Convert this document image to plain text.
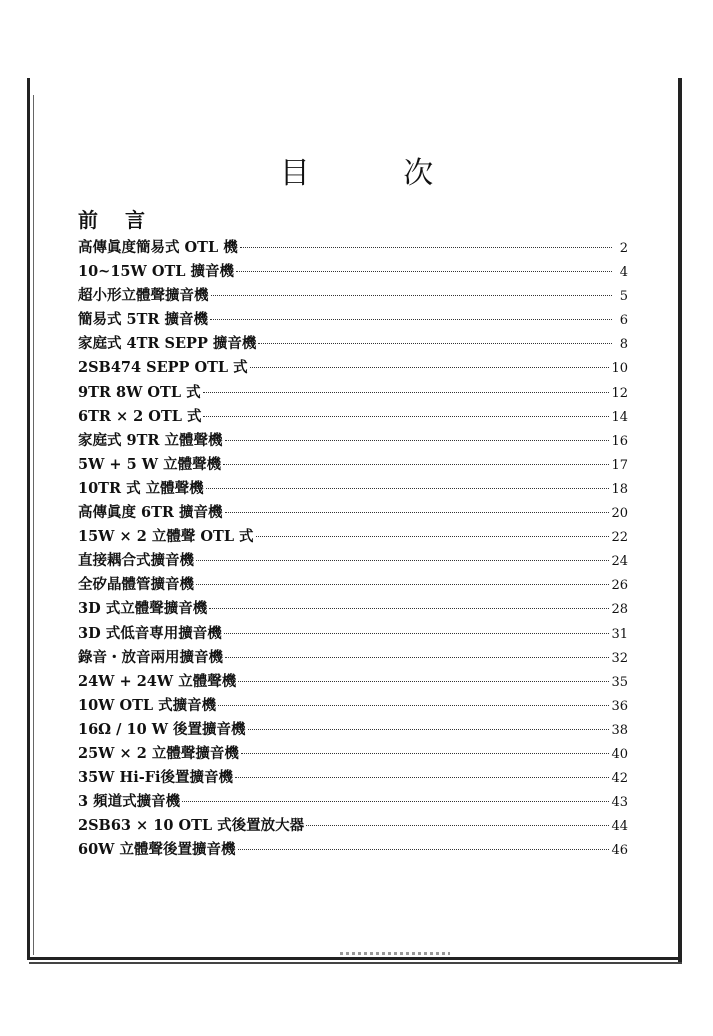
目 次
前 言
高傳眞度簡易式 OTL 機	2
10~15W OTL 擴音機	4
超小形立體聲擴音機	5
簡易式 5TR 擴音機	6
家庭式 4TR SEPP 擴音機	8
2SB474 SEPP OTL 式	10
9TR 8W OTL 式	12
6TR × 2 OTL 式	14
家庭式 9TR 立體聲機	16
5W + 5 W 立體聲機	17
10TR 式 立體聲機	18
高傳眞度 6TR 擴音機	20
15W × 2 立體聲 OTL 式	22
直接耦合式擴音機	24
全矽晶體管擴音機	26
3D 式立體聲擴音機	28
3D 式低音専用擴音機	31
錄音・放音兩用擴音機	32
24W + 24W 立體聲機	35
10W OTL 式擴音機	36
16Ω / 10 W 後置擴音機	38
25W × 2 立體聲擴音機	40
35W Hi-Fi後置擴音機	42
3 頻道式擴音機	43
2SB63 × 10 OTL 式後置放大器	44
60W 立體聲後置擴音機	46
